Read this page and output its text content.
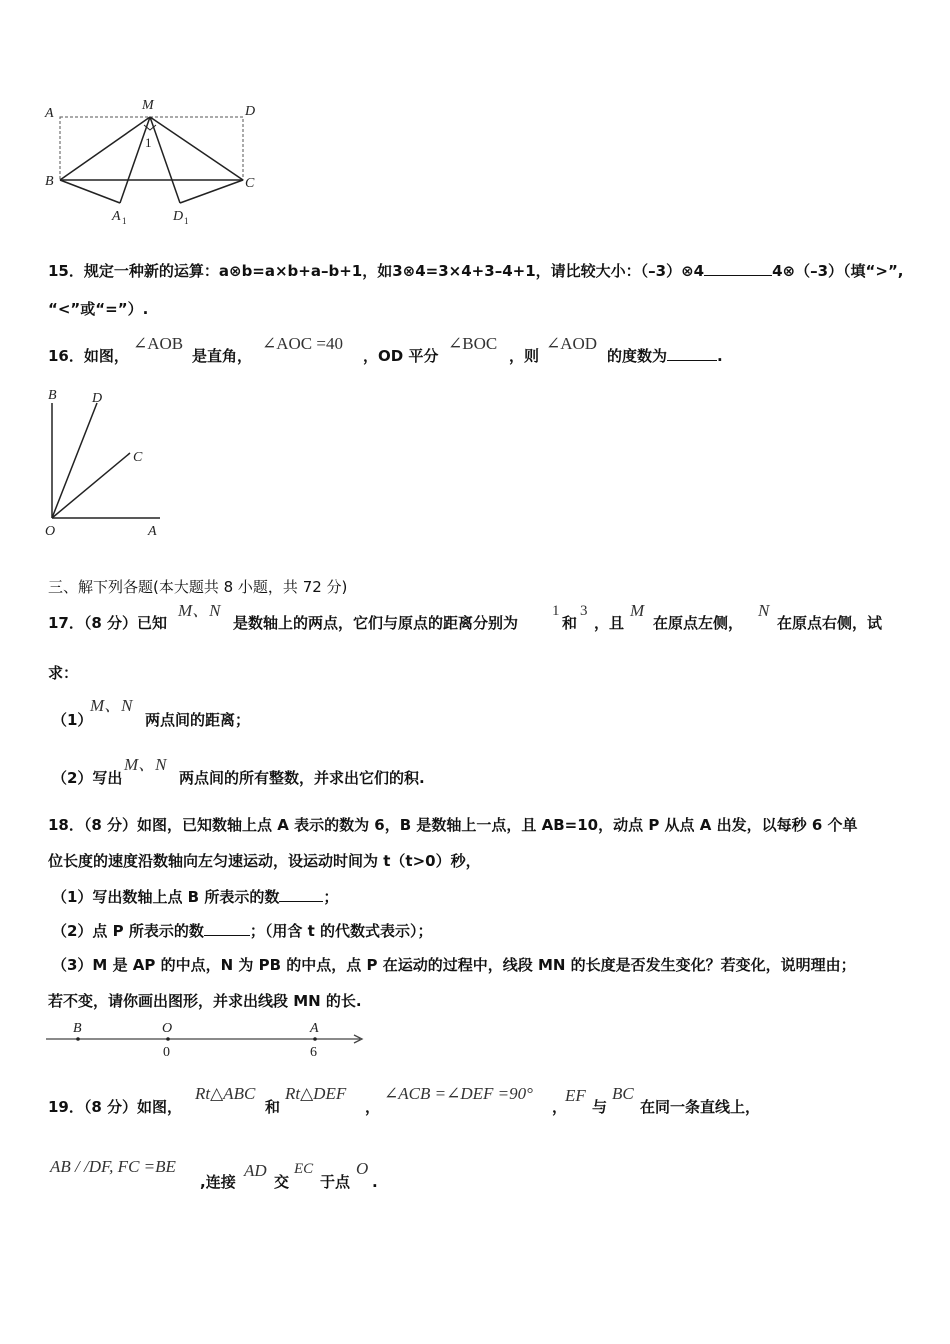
A
M	D
B	C
1
A 1	D 1
15．规定一种新的运算：a⊗b=a×b+a–b+1，如3⊗4=3×4+3–4+1，请比较大小：（–3）⊗4	4⊗（–3）（填“>”,
“<”或“=”）.
16．如图，
∠AOB
是直角，
∠AOC =40
，OD 平分
∠BOC
，则
∠AOD
的度数为	.
B	D
C
O	A
三、解下列各题(本大题共 8 小题，共 72 分)
17．（8 分）已知
M、N
是数轴上的两点，它们与原点的距离分别为
1
和
3
，且
M
在原点左侧，
N
在原点右侧，试
求：
（1）
M、N
两点间的距离；
（2）写出
M、N
两点间的所有整数，并求出它们的积.
18．（8 分）如图，已知数轴上点 A 表示的数为 6，B 是数轴上一点，且 AB=10，动点 P 从点 A 出发，以每秒 6 个单
位长度的速度沿数轴向左匀速运动，设运动时间为 t（t>0）秒，
（1）写出数轴上点 B 所表示的数	；
（2）点 P 所表示的数	；（用含 t 的代数式表示）；
（3）M 是 AP 的中点，N 为 PB 的中点，点 P 在运动的过程中，线段 MN 的长度是否发生变化？若变化，说明理由；
若不变，请你画出图形，并求出线段 MN 的长.
B	O	A
0	6
19．（8 分）如图，
Rt△ABC
和
Rt△DEF
，
∠ACB =∠DEF =90°
，
EF
与
BC
在同一条直线上，
AB / /DF, FC =BE
,连接
AD
交
EC
于点
O
.
